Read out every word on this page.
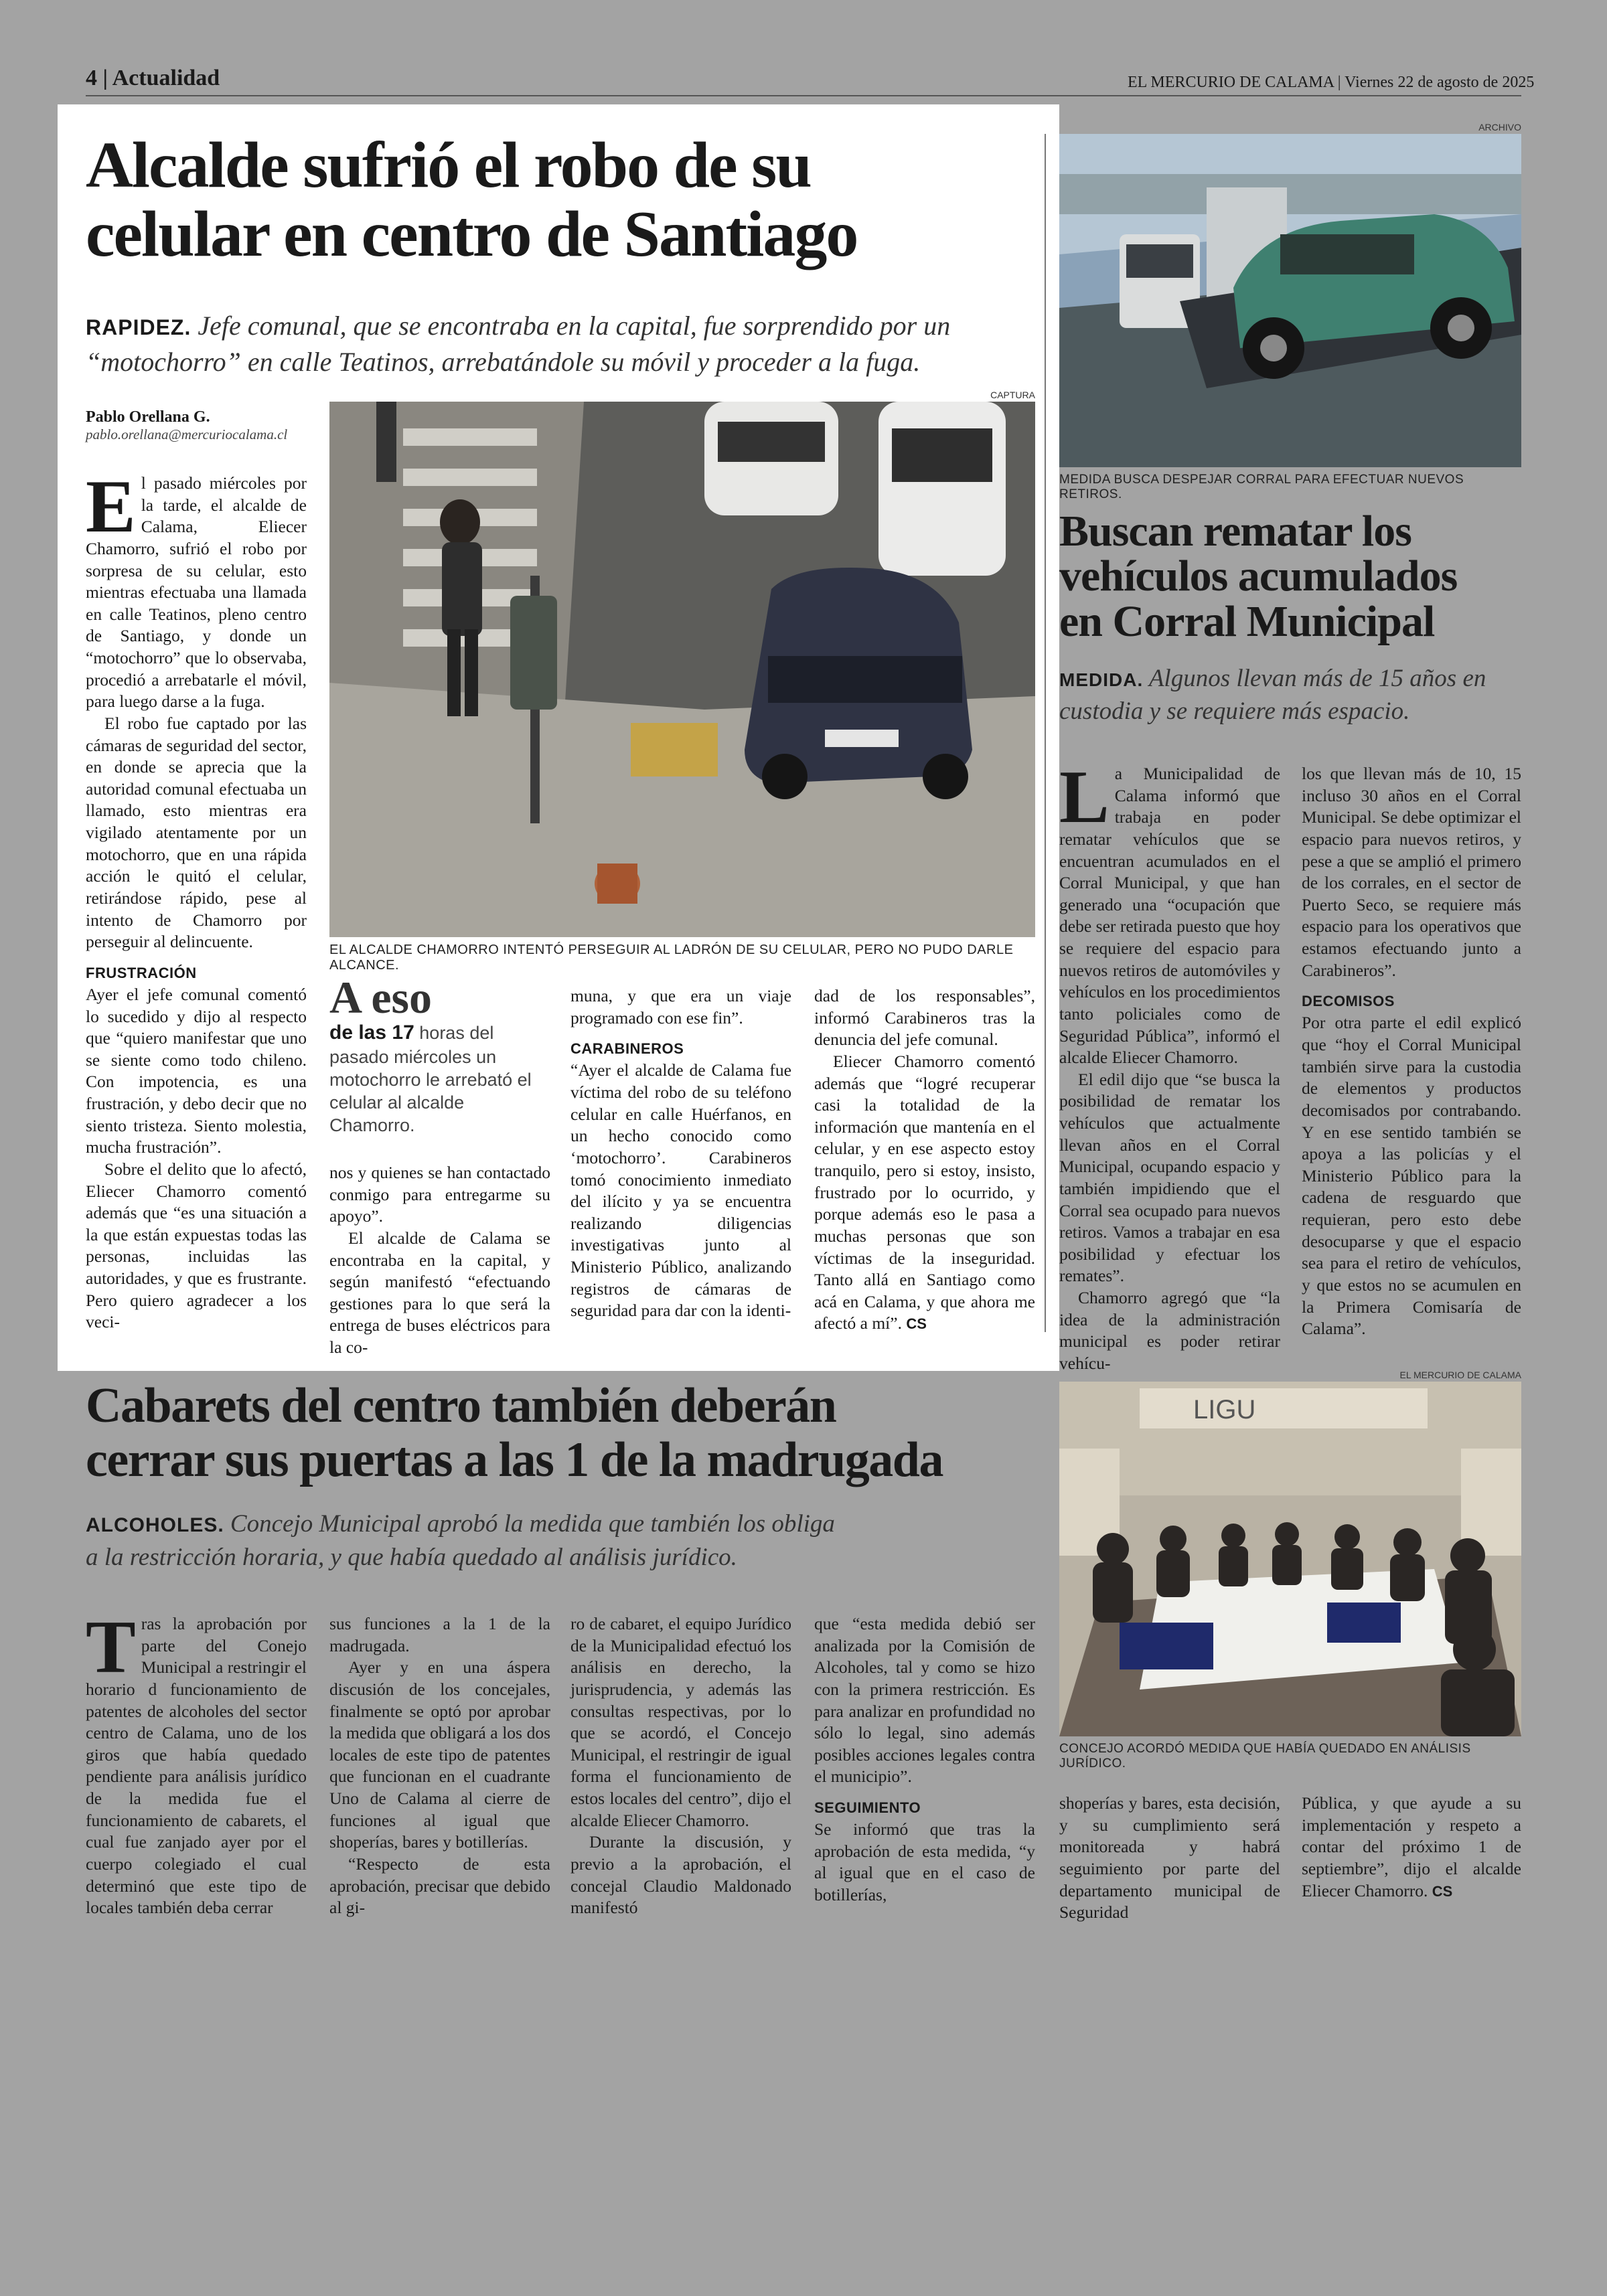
4 | Actualidad	EL MERCURIO DE CALAMA | Viernes 22 de agosto de 2025
Alcalde sufrió el robo de su
celular en centro de Santiago
RAPIDEZ. Jefe comunal, que se encontraba en la capital, fue sorprendido por un “motochorro” en calle Teatinos, arrebatándole su móvil y proceder a la fuga.
Pablo Orellana G.
pablo.orellana@mercuriocalama.cl
CAPTURA
EL ALCALDE CHAMORRO INTENTÓ PERSEGUIR AL LADRÓN DE SU CELULAR, PERO NO PUDO DARLE ALCANCE.

El pasado miércoles por la tarde, el alcalde de Calama, Eliecer Chamorro, sufrió el robo por sorpresa de su celular, esto mientras efectuaba una llamada en calle Teatinos, pleno centro de Santiago, y donde un “motochorro” que lo observaba, procedió a arrebatarle el móvil, para luego darse a la fuga.

El robo fue captado por las cámaras de seguridad del sector, en donde se aprecia que la autoridad comunal efectuaba un llamado, esto mientras era vigilado atentamente por un motochorro, que en una rápida acción le quitó el celular, retirándose rápido, pese al intento de Chamorro por perseguir al delincuente.

FRUSTRACIÓN

Ayer el jefe comunal comentó lo sucedido y dijo al respecto que “quiero manifestar que uno se siente como todo chileno. Con impotencia, es una frustración, y debo decir que no siento tristeza. Siento molestia, mucha frustración”.

Sobre el delito que lo afectó, Eliecer Chamorro comentó además que “es una situación a la que están expuestas todas las personas, incluidas las autoridades, y que es frustrante. Pero quiero agradecer a los veci-

A eso
de las 17 horas del pasado miércoles un motochorro le arrebató el celular al alcalde Chamorro.

nos y quienes se han contactado conmigo para entregarme su apoyo”.

El alcalde de Calama se encontraba en la capital, y según manifestó “efectuando gestiones para lo que será la entrega de buses eléctricos para la co-

muna, y que era un viaje programado con ese fin”.

CARABINEROS

“Ayer el alcalde de Calama fue víctima del robo de su teléfono celular en calle Huérfanos, en un hecho conocido como ‘motochorro’. Carabineros tomó conocimiento inmediato del ilícito y ya se encuentra realizando diligencias investigativas junto al Ministerio Público, analizando registros de cámaras de seguridad para dar con la identi-

dad de los responsables”, informó Carabineros tras la denuncia del jefe comunal.

Eliecer Chamorro comentó además que “logré recuperar casi la totalidad de la información que mantenía en el celular, y en ese aspecto estoy tranquilo, pero si estoy, insisto, frustrado por lo ocurrido, y porque además eso le pasa a muchas personas que son víctimas de la inseguridad. Tanto allá en Santiago como acá en Calama, y que ahora me afectó a mí”. CS

ARCHIVO
MEDIDA BUSCA DESPEJAR CORRAL PARA EFECTUAR NUEVOS RETIROS.
Buscan rematar los
vehículos acumulados
en Corral Municipal
MEDIDA. Algunos llevan más de 15 años en custodia y se requiere más espacio.

La Municipalidad de Calama informó que trabaja en poder rematar vehículos que se encuentran acumulados en el Corral Municipal, y que han generado una “ocupación que debe ser retirada puesto que hoy se requiere del espacio para nuevos retiros de automóviles y vehículos en los procedimientos tanto policiales como de Seguridad Pública”, informó el alcalde Eliecer Chamorro.

El edil dijo que “se busca la posibilidad de rematar los vehículos que actualmente llevan años en el Corral Municipal, ocupando espacio y también impidiendo que el Corral sea ocupado para nuevos retiros. Vamos a trabajar en esa posibilidad y efectuar los remates”.

Chamorro agregó que “la idea de la administración municipal es poder retirar vehícu-

los que llevan más de 10, 15 incluso 30 años en el Corral Municipal. Se debe optimizar el espacio para nuevos retiros, y pese a que se amplió el primero de los corrales, en el sector de Puerto Seco, se requiere más espacio para los operativos que estamos efectuando junto a Carabineros”.

DECOMISOS

Por otra parte el edil explicó que “hoy el Corral Municipal también sirve para la custodia de elementos y productos decomisados por contrabando. Y en ese sentido también se apoya a las policías y el Ministerio Público para la cadena de resguardo que requieran, pero esto debe desocuparse y que el espacio sea para el retiro de vehículos, y que estos no se acumulen en la Primera Comisaría de Calama”.

Cabarets del centro también deberán
cerrar sus puertas a las 1 de la madrugada
ALCOHOLES. Concejo Municipal aprobó la medida que también los obliga
a la restricción horaria, y que había quedado al análisis jurídico.
EL MERCURIO DE CALAMA
LIGU
CONCEJO ACORDÓ MEDIDA QUE HABÍA QUEDADO EN ANÁLISIS JURÍDICO.

Tras la aprobación por parte del Conejo Municipal a restringir el horario d funcionamiento de patentes de alcoholes del sector centro de Calama, uno de los giros que había quedado pendiente para análisis jurídico de la medida fue el funcionamiento de cabarets, el cual fue zanjado ayer por el cuerpo colegiado el cual determinó que este tipo de locales también deba cerrar

sus funciones a la 1 de la madrugada.

Ayer y en una áspera discusión de los concejales, finalmente se optó por aprobar la medida que obligará a los dos locales de este tipo de patentes que funcionan en el cuadrante Uno de Calama al cierre de funciones al igual que shoperías, bares y botillerías.

“Respecto de esta aprobación, precisar que debido al gi-

ro de cabaret, el equipo Jurídico de la Municipalidad efectuó los análisis en derecho, la jurisprudencia, y además las consultas respectivas, por lo que se acordó, el Concejo Municipal, el restringir de igual forma el funcionamiento de estos locales del centro”, dijo el alcalde Eliecer Chamorro.

Durante la discusión, y previo a la aprobación, el concejal Claudio Maldonado manifestó

que “esta medida debió ser analizada por la Comisión de Alcoholes, tal y como se hizo con la primera restricción. Es para analizar en profundidad no sólo lo legal, sino además posibles acciones legales contra el municipio”.

SEGUIMIENTO

Se informó que tras la aprobación de esta medida, “y al igual que en el caso de botillerías,

shoperías y bares, esta decisión, y su cumplimiento será monitoreada y habrá seguimiento por parte del departamento municipal de Seguridad

Pública, y que ayude a su implementación y respeto a contar del próximo 1 de septiembre”, dijo el alcalde Eliecer Chamorro. CS
